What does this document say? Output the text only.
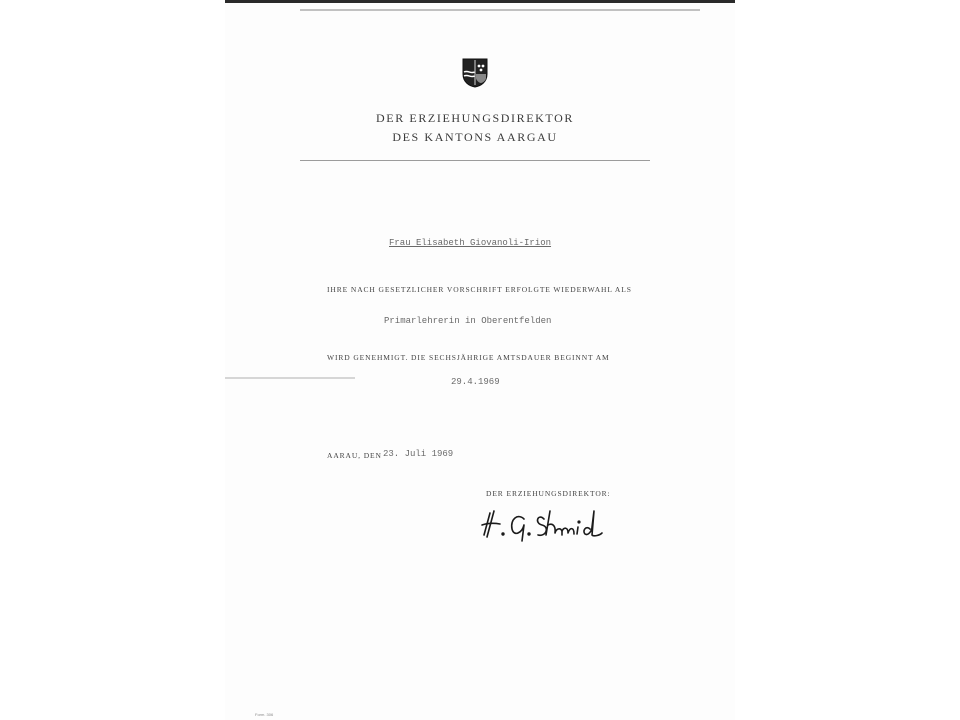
DER ERZIEHUNGSDIREKTOR
DES KANTONS AARGAU
Frau Elisabeth Giovanoli-Irion
IHRE NACH GESETZLICHER VORSCHRIFT ERFOLGTE WIEDERWAHL ALS
Primarlehrerin in Oberentfelden
WIRD GENEHMIGT. DIE SECHSJÄHRIGE AMTSDAUER BEGINNT AM
29.4.1969
AARAU, DEN 23. Juli 1969
DER ERZIEHUNGSDIREKTOR:
Form. 306
